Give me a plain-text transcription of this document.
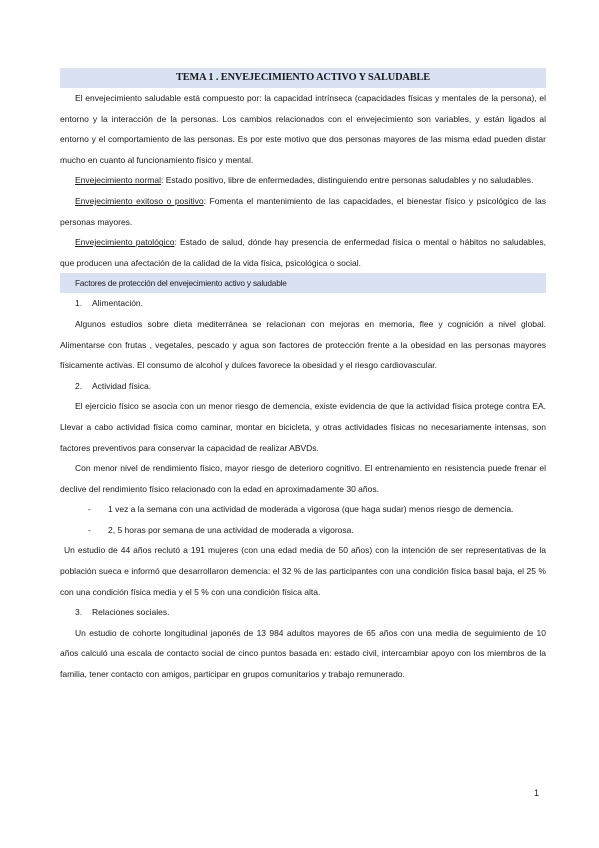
TEMA 1 . ENVEJECIMIENTO ACTIVO Y SALUDABLE

El envejecimiento saludable está compuesto por: la capacidad intrínseca (capacidades físicas y mentales de la persona), el entorno y la interacción de la personas. Los cambios relacionados con el envejecimiento son variables, y están ligados al entorno y el comportamiento de las personas. Es por este motivo que dos personas mayores de las misma edad pueden distar mucho en cuanto al funcionamiento físico y mental.

Envejecimiento normal: Estado positivo, libre de enfermedades, distinguiendo entre personas saludables y no saludables.

Envejecimiento exitoso o positivo: Fomenta el mantenimiento de las capacidades, el bienestar físico y psicológico de las personas mayores.

Envejecimiento patológico: Estado de salud, dónde hay presencia de enfermedad física o mental o hábitos no saludables, que producen una afectación de la calidad de la vida física, psicológica o social.

Factores de protección del envejecimiento activo y saludable
1. Alimentación.

Algunos estudios sobre dieta mediterránea se relacionan con mejoras en memoria, flee y cognición a nivel global. Alimentarse con frutas , vegetales, pescado y agua son factores de protección frente a la obesidad en las personas mayores físicamente activas. El consumo de alcohol y dulces favorece la obesidad y el riesgo cardiovascular.

2. Actividad física.

El ejercicio físico se asocia con un menor riesgo de demencia, existe evidencia de que la actividad física protege contra EA. Llevar a cabo actividad física como caminar, montar en bicicleta, y otras actividades físicas no necesariamente intensas, son factores preventivos para conservar la capacidad de realizar ABVDs.

Con menor nivel de rendimiento físico, mayor riesgo de deterioro cognitivo. El entrenamiento en resistencia puede frenar el declive del rendimiento físico relacionado con la edad en aproximadamente 30 años.

- 1 vez a la semana con una actividad de moderada a vigorosa (que haga sudar) menos riesgo de demencia.
- 2, 5 horas por semana de una actividad de moderada a vigorosa.

Un estudio de 44 años reclutó a 191 mujeres (con una edad media de 50 años) con la intención de ser representativas de la población sueca e informó que desarrollaron demencia: el 32 % de las participantes con una condición física basal baja, el 25 % con una condición física media y el 5 % con una condición física alta.

3. Relaciones sociales.

Un estudio de cohorte longitudinal japonés de 13 984 adultos mayores de 65 años con una media de seguimiento de 10 años calculó una escala de contacto social de cinco puntos basada en: estado civil, intercambiar apoyo con los miembros de la familia, tener contacto con amigos, participar en grupos comunitarios y trabajo remunerado.

1
